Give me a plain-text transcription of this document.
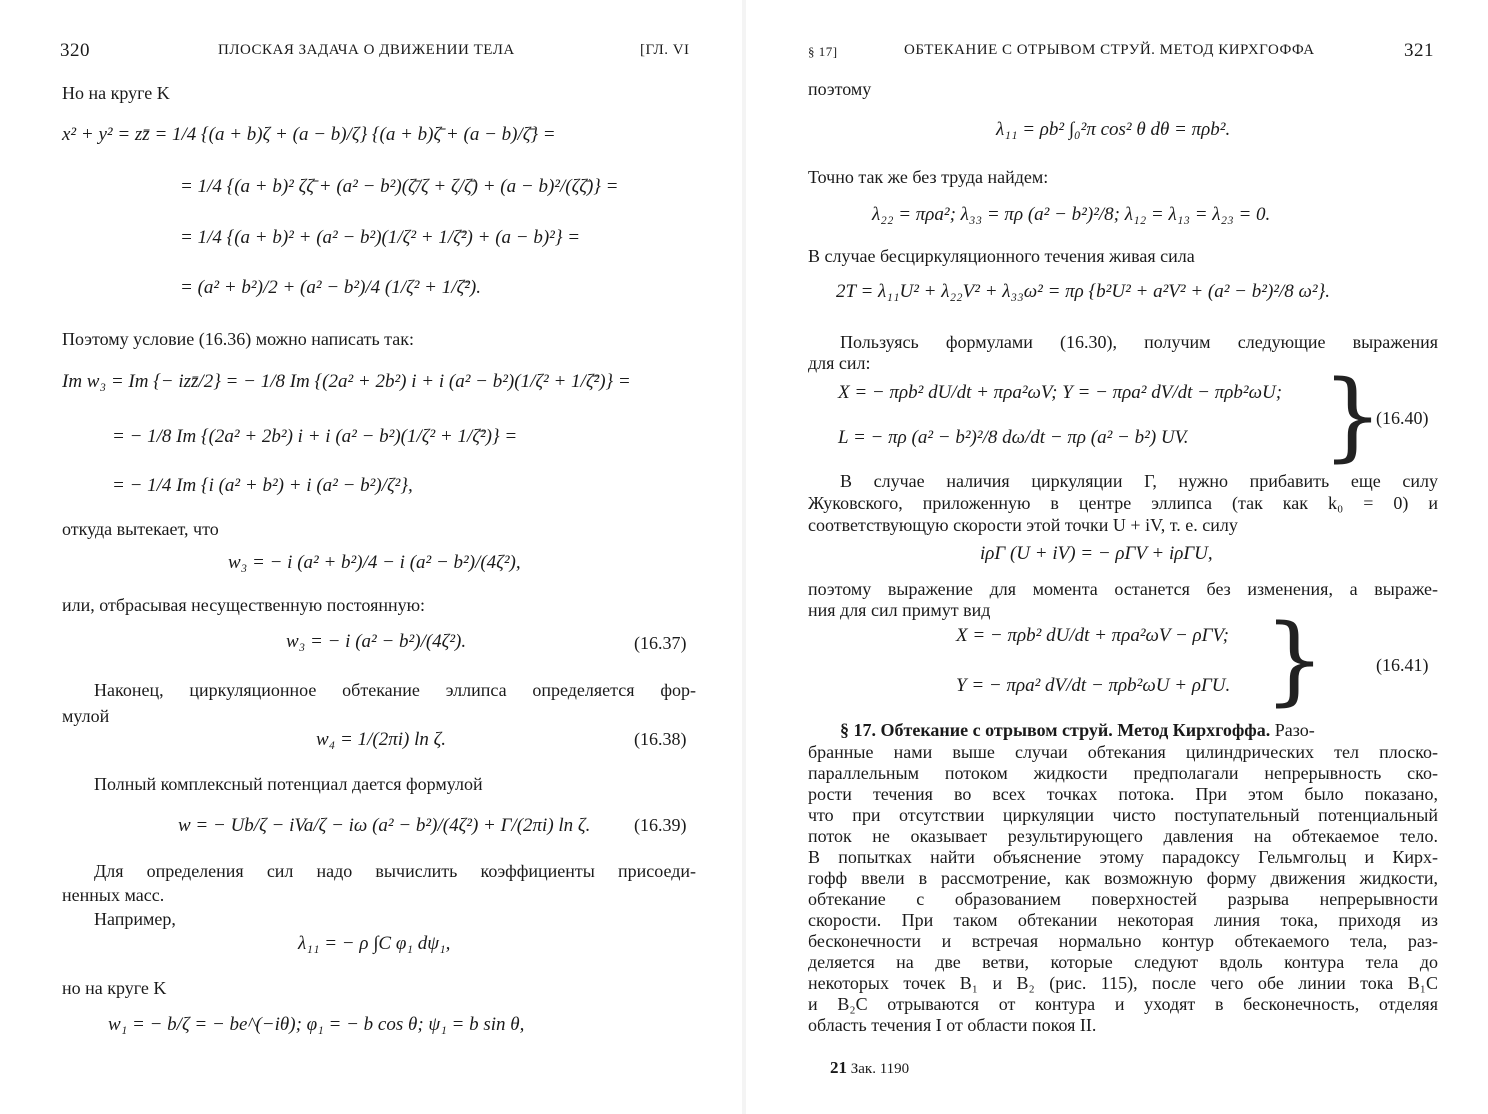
320	ПЛОСКАЯ ЗАДАЧА О ДВИЖЕНИИ ТЕЛА	[ГЛ. VI
Но на круге K
x² + y² = zz̄ = 1/4 {(a + b)ζ + (a − b)/ζ} {(a + b)ζ̄ + (a − b)/ζ̄} =
= 1/4 {(a + b)² ζζ̄ + (a² − b²)(ζ̄/ζ + ζ/ζ̄) + (a − b)²/(ζζ̄)} =
= 1/4 {(a + b)² + (a² − b²)(1/ζ² + 1/ζ̄²) + (a − b)²} =
= (a² + b²)/2 + (a² − b²)/4 (1/ζ² + 1/ζ̄²).
Поэтому условие (16.36) можно написать так:
Im w₃ = Im {− izz̄/2} = − 1/8 Im {(2a² + 2b²) i + i (a² − b²)(1/ζ² + 1/ζ̄²)} =
= − 1/8 Im {(2a² + 2b²) i + i (a² − b²)(1/ζ² + 1/ζ̄²)} =
= − 1/4 Im {i (a² + b²) + i (a² − b²)/ζ²},
откуда вытекает, что
w₃ = − i (a² + b²)/4 − i (a² − b²)/(4ζ²),
или, отбрасывая несущественную постоянную:
w₃ = − i (a² − b²)/(4ζ²).	(16.37)
Наконец, циркуляционное обтекание эллипса определяется фор-
мулой
w₄ = 1/(2πi) ln ζ.	(16.38)
Полный комплексный потенциал дается формулой
w = − Ub/ζ − iVa/ζ − iω (a² − b²)/(4ζ²) + Γ/(2πi) ln ζ. (16.39)
Для определения сил надо вычислить коэффициенты присоеди-
ненных масс.
Например,
λ₁₁ = − ρ ∫C φ₁ dψ₁,
но на круге K
w₁ = − b/ζ = − be^(−iθ); φ₁ = − b cos θ; ψ₁ = b sin θ,
§ 17]	ОБТЕКАНИЕ С ОТРЫВОМ СТРУЙ. МЕТОД КИРХГОФФА	321
поэтому
λ₁₁ = ρb² ∫₀²π cos² θ dθ = πρb².
Точно так же без труда найдем:
λ₂₂ = πρa²; λ₃₃ = πρ (a² − b²)²/8; λ₁₂ = λ₁₃ = λ₂₃ = 0.
В случае бесциркуляционного течения живая сила
2T = λ₁₁U² + λ₂₂V² + λ₃₃ω² = πρ {b²U² + a²V² + (a² − b²)²/8 ω²}.
Пользуясь формулами (16.30), получим следующие выражения
для сил:
X = − πρb² dU/dt + πρa²ωV; Y = − πρa² dV/dt − πρb²ωU;
L = − πρ (a² − b²)²/8 dω/dt − πρ (a² − b²) UV. }
(16.40)
В случае наличия циркуляции Γ, нужно прибавить еще силу
Жуковского, приложенную в центре эллипса (так как k₀ = 0) и
соответствующую скорости этой точки U + iV, т. е. силу
iρΓ (U + iV) = − ρΓV + iρΓU,
поэтому выражение для момента останется без изменения, а выраже-
ния для сил примут вид
X = − πρb² dU/dt + πρa²ωV − ρΓV;
Y = − πρa² dV/dt − πρb²ωU + ρΓU. }	(16.41)
§ 17. Обтекание с отрывом струй. Метод Кирхгоффа. Разо-
бранные нами выше случаи обтекания цилиндрических тел плоско-
параллельным потоком жидкости предполагали непрерывность ско-
рости течения во всех точках потока. При этом было показано,
что при отсутствии циркуляции чисто поступательный потенциальный
поток не оказывает результирующего давления на обтекаемое тело.
В попытках найти объяснение этому парадоксу Гельмгольц и Кирх-
гофф ввели в рассмотрение, как возможную форму движения жидкости,
обтекание с образованием поверхностей разрыва непрерывности
скорости. При таком обтекании некоторая линия тока, приходя из
бесконечности и встречая нормально контур обтекаемого тела, раз-
деляется на две ветви, которые следуют вдоль контура тела до
некоторых точек B₁ и B₂ (рис. 115), после чего обе линии тока B₁C
и B₂C отрываются от контура и уходят в бесконечность, отделяя
область течения I от области покоя II.
21 Зак. 1190
